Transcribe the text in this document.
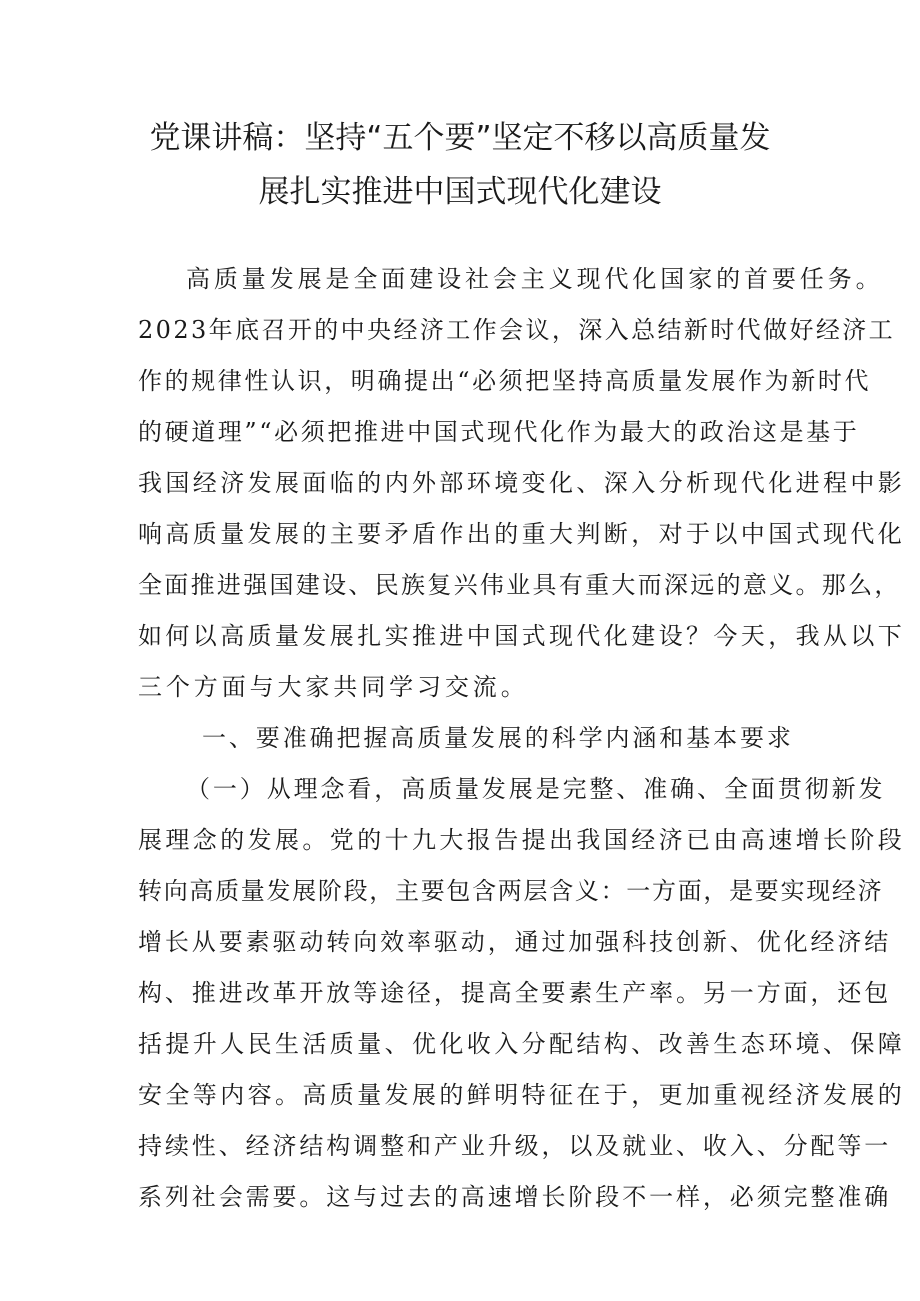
党课讲稿：坚持“五个要”坚定不移以高质量发
展扎实推进中国式现代化建设

高质量发展是全面建设社会主义现代化国家的首要任务。

2023年底召开的中央经济工作会议，深入总结新时代做好经济工

作的规律性认识，明确提出“必须把坚持高质量发展作为新时代

的硬道理”“必须把推进中国式现代化作为最大的政治这是基于

我国经济发展面临的内外部环境变化、深入分析现代化进程中影

响高质量发展的主要矛盾作出的重大判断，对于以中国式现代化

全面推进强国建设、民族复兴伟业具有重大而深远的意义。那么，

如何以高质量发展扎实推进中国式现代化建设？今天，我从以下

三个方面与大家共同学习交流。

一、要准确把握高质量发展的科学内涵和基本要求

（一）从理念看，高质量发展是完整、准确、全面贯彻新发

展理念的发展。党的十九大报告提出我国经济已由高速增长阶段

转向高质量发展阶段，主要包含两层含义：一方面，是要实现经济

增长从要素驱动转向效率驱动，通过加强科技创新、优化经济结

构、推进改革开放等途径，提高全要素生产率。另一方面，还包

括提升人民生活质量、优化收入分配结构、改善生态环境、保障

安全等内容。高质量发展的鲜明特征在于，更加重视经济发展的

持续性、经济结构调整和产业升级，以及就业、收入、分配等一

系列社会需要。这与过去的高速增长阶段不一样，必须完整准确
